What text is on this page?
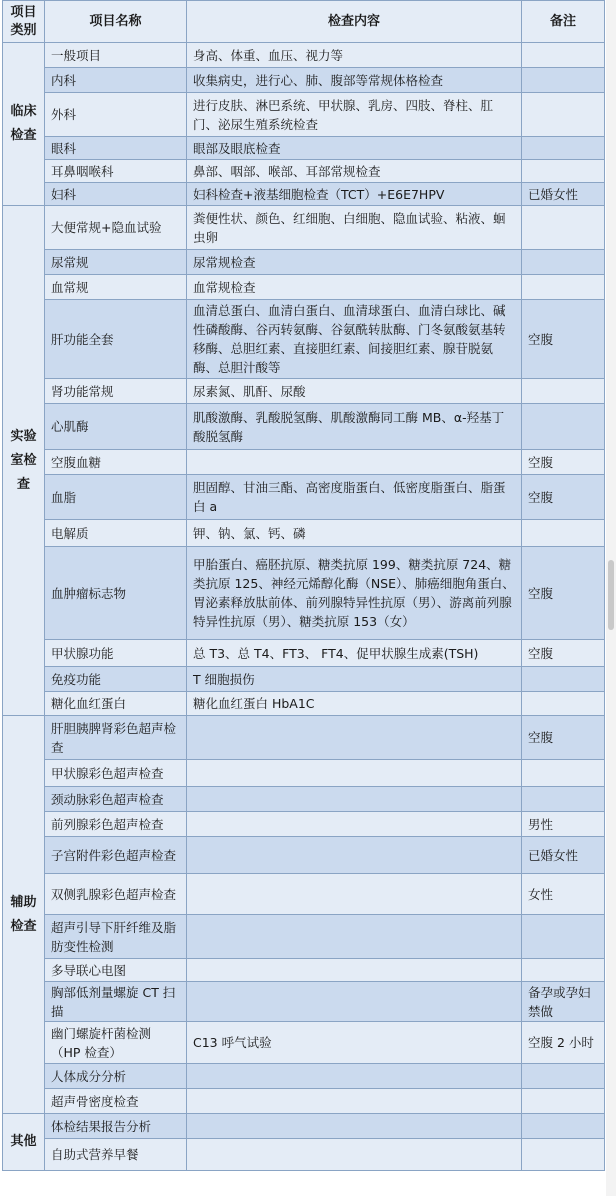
项目类别	项目名称	检查内容	备注
临床检查	一般项目	身高、体重、血压、视力等	
	内科	收集病史，进行心、肺、腹部等常规体格检查	
	外科	进行皮肤、淋巴系统、甲状腺、乳房、四肢、脊柱、肛门、泌尿生殖系统检查	
	眼科	眼部及眼底检查	
	耳鼻咽喉科	鼻部、咽部、喉部、耳部常规检查	
	妇科	妇科检查+液基细胞检查（TCT）+E6E7HPV	已婚女性
实验室检查	大便常规+隐血试验	粪便性状、颜色、红细胞、白细胞、隐血试验、粘液、蛔虫卵	
	尿常规	尿常规检查	
	血常规	血常规检查	
	肝功能全套	血清总蛋白、血清白蛋白、血清球蛋白、血清白球比、碱性磷酸酶、谷丙转氨酶、谷氨酰转肽酶、门冬氨酸氨基转移酶、总胆红素、直接胆红素、间接胆红素、腺苷脱氨酶、总胆汁酸等	空腹
	肾功能常规	尿素氮、肌酐、尿酸	
	心肌酶	肌酸激酶、乳酸脱氢酶、肌酸激酶同工酶 MB、α-羟基丁酸脱氢酶	
	空腹血糖		空腹
	血脂	胆固醇、甘油三酯、高密度脂蛋白、低密度脂蛋白、脂蛋白 a	空腹
	电解质	钾、钠、氯、钙、磷	
	血肿瘤标志物	甲胎蛋白、癌胚抗原、糖类抗原 199、糖类抗原 724、糖类抗原 125、神经元烯醇化酶（NSE）、肺癌细胞角蛋白、胃泌素释放肽前体、前列腺特异性抗原（男）、游离前列腺特异性抗原（男）、糖类抗原 153（女）	空腹
	甲状腺功能	总 T3、总 T4、FT3、 FT4、促甲状腺生成素(TSH)	空腹
	免疫功能	T 细胞损伤	
	糖化血红蛋白	糖化血红蛋白 HbA1C	
辅助检查	肝胆胰脾肾彩色超声检查		空腹
	甲状腺彩色超声检查		
	颈动脉彩色超声检查		
	前列腺彩色超声检查		男性
	子宫附件彩色超声检查		已婚女性
	双侧乳腺彩色超声检查		女性
	超声引导下肝纤维及脂肪变性检测		
	多导联心电图		
	胸部低剂量螺旋 CT 扫描		备孕或孕妇禁做
	幽门螺旋杆菌检测（HP 检查）	C13 呼气试验	空腹 2 小时
	人体成分分析		
	超声骨密度检查		
其他	体检结果报告分析		
	自助式营养早餐		
